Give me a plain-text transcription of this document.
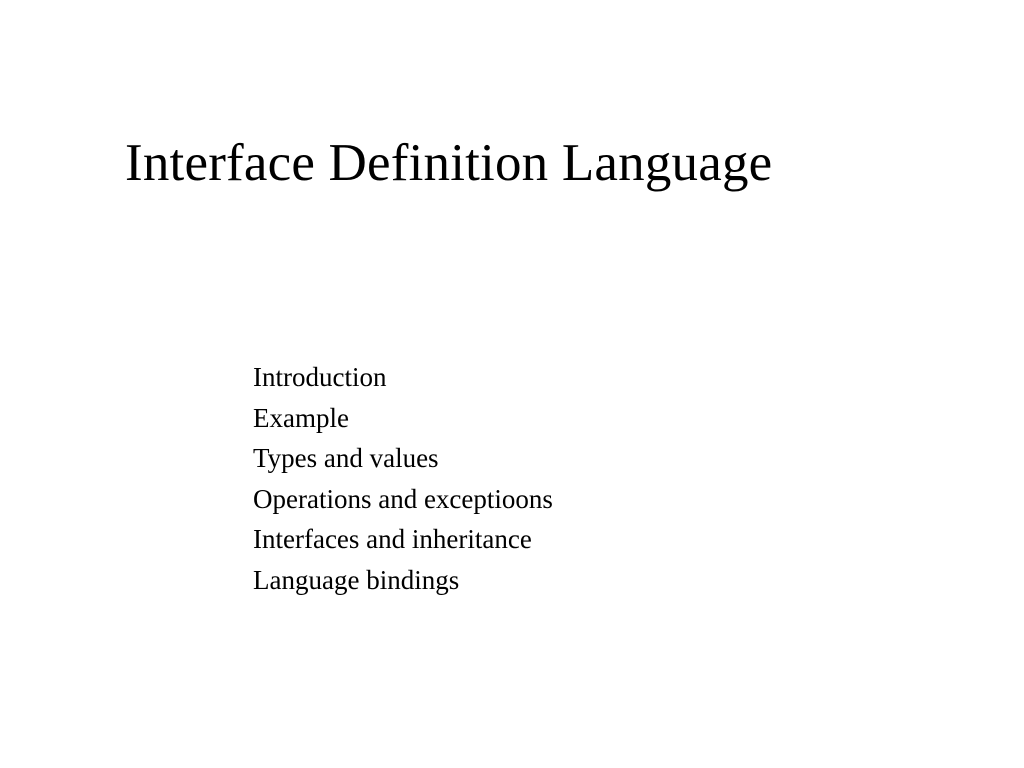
Interface Definition Language
Introduction
Example
Types and values
Operations and exceptioons
Interfaces and inheritance
Language bindings
